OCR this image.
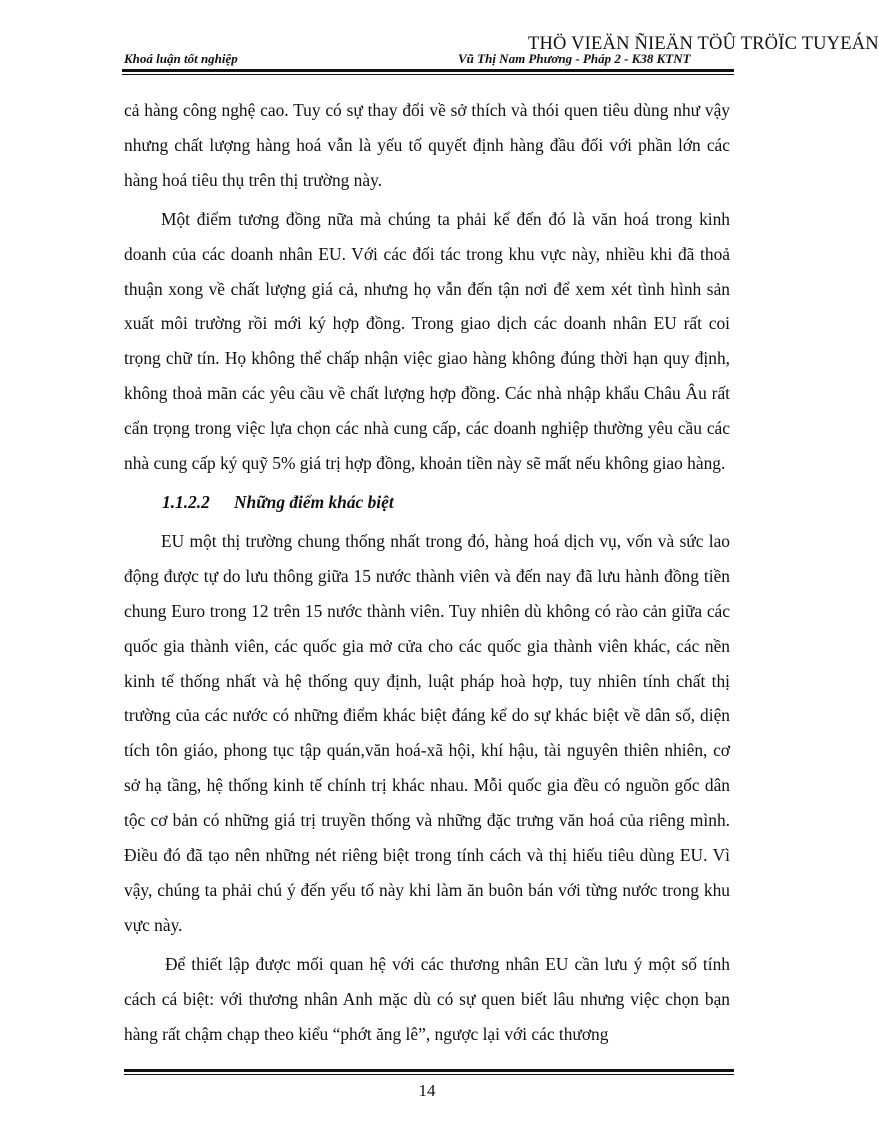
THÖ VIEÄN ÑIEÄN TÖÛ TRÖÏC TUYEÁN
Khoá luận tốt nghiệp	Vũ Thị Nam Phương - Pháp 2 - K38 KTNT

cả hàng công nghệ cao. Tuy có sự thay đổi về sở thích và thói quen tiêu dùng như vậy nhưng chất lượng hàng hoá vẫn là yếu tố quyết định hàng đầu đối với phần lớn các hàng hoá tiêu thụ trên thị trường này.

Một điểm tương đồng nữa mà chúng ta phải kể đến đó là văn hoá trong kinh doanh của các doanh nhân EU. Với các đối tác trong khu vực này, nhiều khi đã thoả thuận xong về chất lượng giá cả, nhưng họ vẫn đến tận nơi để xem xét tình hình sản xuất môi trường rồi mới ký hợp đồng. Trong giao dịch các doanh nhân EU rất coi trọng chữ tín. Họ không thể chấp nhận việc giao hàng không đúng thời hạn quy định, không thoả mãn các yêu cầu về chất lượng hợp đồng. Các nhà nhập khẩu Châu Âu rất cẩn trọng trong việc lựa chọn các nhà cung cấp, các doanh nghiệp thường yêu cầu các nhà cung cấp ký quỹ 5% giá trị hợp đồng, khoản tiền này sẽ mất nếu không giao hàng.

1.1.2.2 Những điểm khác biệt

EU một thị trường chung thống nhất trong đó, hàng hoá dịch vụ, vốn và sức lao động được tự do lưu thông giữa 15 nước thành viên và đến nay đã lưu hành đồng tiền chung Euro trong 12 trên 15 nước thành viên. Tuy nhiên dù không có rào cản giữa các quốc gia thành viên, các quốc gia mở cửa cho các quốc gia thành viên khác, các nền kinh tế thống nhất và hệ thống quy định, luật pháp hoà hợp, tuy nhiên tính chất thị trường của các nước có những điểm khác biệt đáng kể do sự khác biệt về dân số, diện tích tôn giáo, phong tục tập quán,văn hoá-xã hội, khí hậu, tài nguyên thiên nhiên, cơ sở hạ tầng, hệ thống kinh tế chính trị khác nhau. Mỗi quốc gia đều có nguồn gốc dân tộc cơ bản có những giá trị truyền thống và những đặc trưng văn hoá của riêng mình. Điều đó đã tạo nên những nét riêng biệt trong tính cách và thị hiếu tiêu dùng EU. Vì vậy, chúng ta phải chú ý đến yếu tố này khi làm ăn buôn bán với từng nước trong khu vực này.

Để thiết lập được mối quan hệ với các thương nhân EU cần lưu ý một số tính cách cá biệt: với thương nhân Anh mặc dù có sự quen biết lâu nhưng việc chọn bạn hàng rất chậm chạp theo kiểu “phớt ăng lê”, ngược lại với các thương

14
